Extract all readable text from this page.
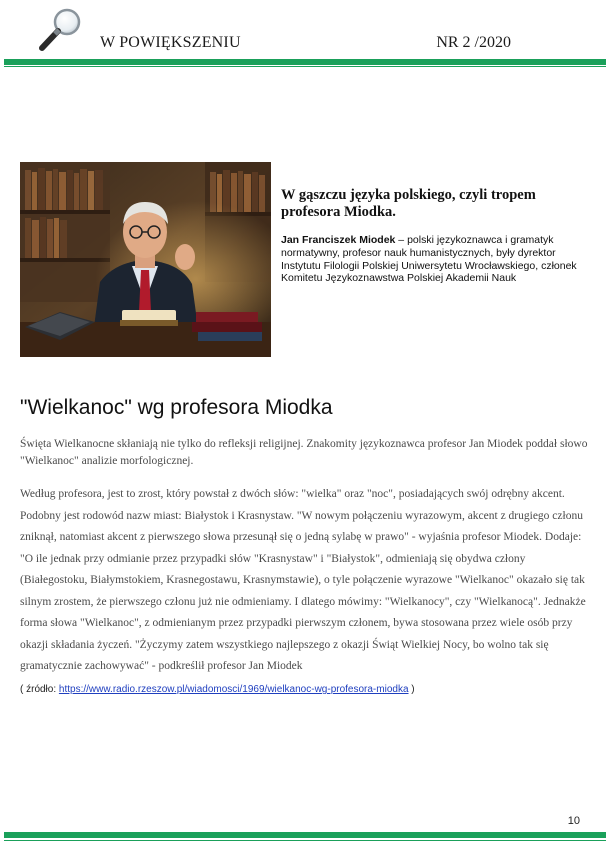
W POWIĘKSZENIU	NR 2 /2020
W gąszczu języka polskiego, czyli tropem profesora Miodka.
Jan Franciszek Miodek – polski językoznawca i gramatyk normatywny, profesor nauk humanistycznych, były dyrektor Instytutu Filologii Polskiej Uniwersytetu Wrocławskiego, członek Komitetu Językoznawstwa Polskiej Akademii Nauk
"Wielkanoc" wg profesora Miodka
Święta Wielkanocne skłaniają nie tylko do refleksji religijnej. Znakomity językoznawca profesor Jan Miodek poddał słowo "Wielkanoc" analizie morfologicznej.
Według profesora, jest to zrost, który powstał z dwóch słów: "wielka" oraz "noc", posiadających swój odrębny akcent. Podobny jest rodowód nazw miast: Białystok i Krasnystaw. "W nowym połączeniu wyrazowym, akcent z drugiego członu zniknął, natomiast akcent z pierwszego słowa przesunął się o jedną sylabę w prawo" - wyjaśnia profesor Miodek. Dodaje: "O ile jednak przy odmianie przez przypadki słów "Krasnystaw" i "Białystok", odmieniają się obydwa człony (Białegostoku, Białymstokiem, Krasnegostawu, Krasnymstawie), o tyle połączenie wyrazowe "Wielkanoc" okazało się tak silnym zrostem, że pierwszego członu już nie odmieniamy. I dlatego mówimy: "Wielkanocy", czy "Wielkanocą". Jednakże forma słowa "Wielkanoc", z odmienianym przez przypadki pierwszym członem, bywa stosowana przez wiele osób przy okazji składania życzeń. "Życzymy zatem wszystkiego najlepszego z okazji Świąt Wielkiej Nocy, bo wolno tak się gramatycznie zachowywać" - podkreślił profesor Jan Miodek
( źródło: https://www.radio.rzeszow.pl/wiadomosci/1969/wielkanoc-wg-profesora-miodka )
10
